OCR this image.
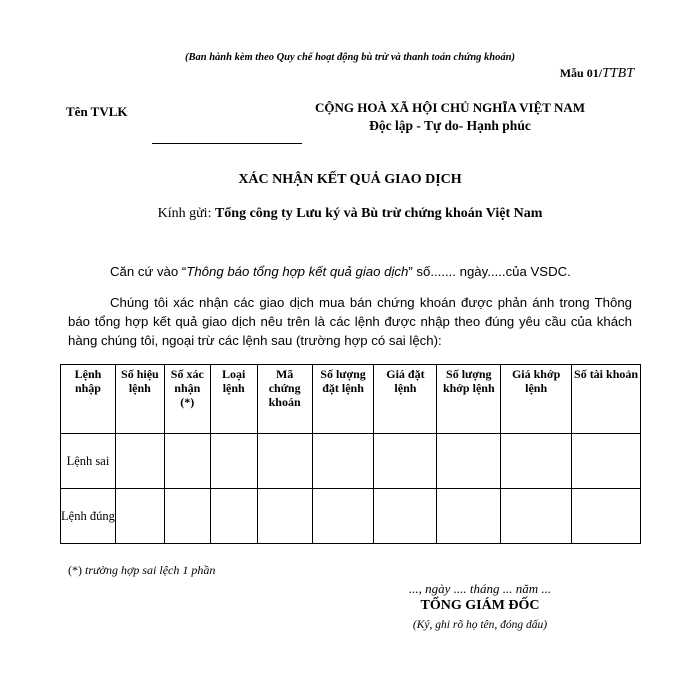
(Ban hành kèm theo Quy chế hoạt động bù trừ và thanh toán chứng khoán)
Mẫu 01/TTBT
Tên TVLK	CỘNG HOÀ XÃ HỘI CHỦ NGHĨA VIỆT NAM
Độc lập - Tự do- Hạnh phúc
XÁC NHẬN KẾT QUẢ GIAO DỊCH
Kính gửi: Tổng công ty Lưu ký và Bù trừ chứng khoán Việt Nam
Căn cứ vào “Thông báo tổng hợp kết quả giao dịch” số....... ngày.....của VSDC.
Chúng tôi xác nhận các giao dịch mua bán chứng khoán được phản ánh trong Thông báo tổng hợp kết quả giao dịch nêu trên là các lệnh được nhập theo đúng yêu cầu của khách hàng chúng tôi, ngoại trừ các lệnh sau (trường hợp có sai lệch):
Lệnh nhập	Số hiệu lệnh	Số xác nhận (*)	Loại lệnh	Mã chứng khoán	Số lượng đặt lệnh	Giá đặt lệnh	Số lượng khớp lệnh	Giá khớp lệnh	Số tài khoản
Lệnh sai									
Lệnh đúng									
(*) trường hợp sai lệch 1 phần
..., ngày .... tháng ... năm ...
TỔNG GIÁM ĐỐC
(Ký, ghi rõ họ tên, đóng dấu)
